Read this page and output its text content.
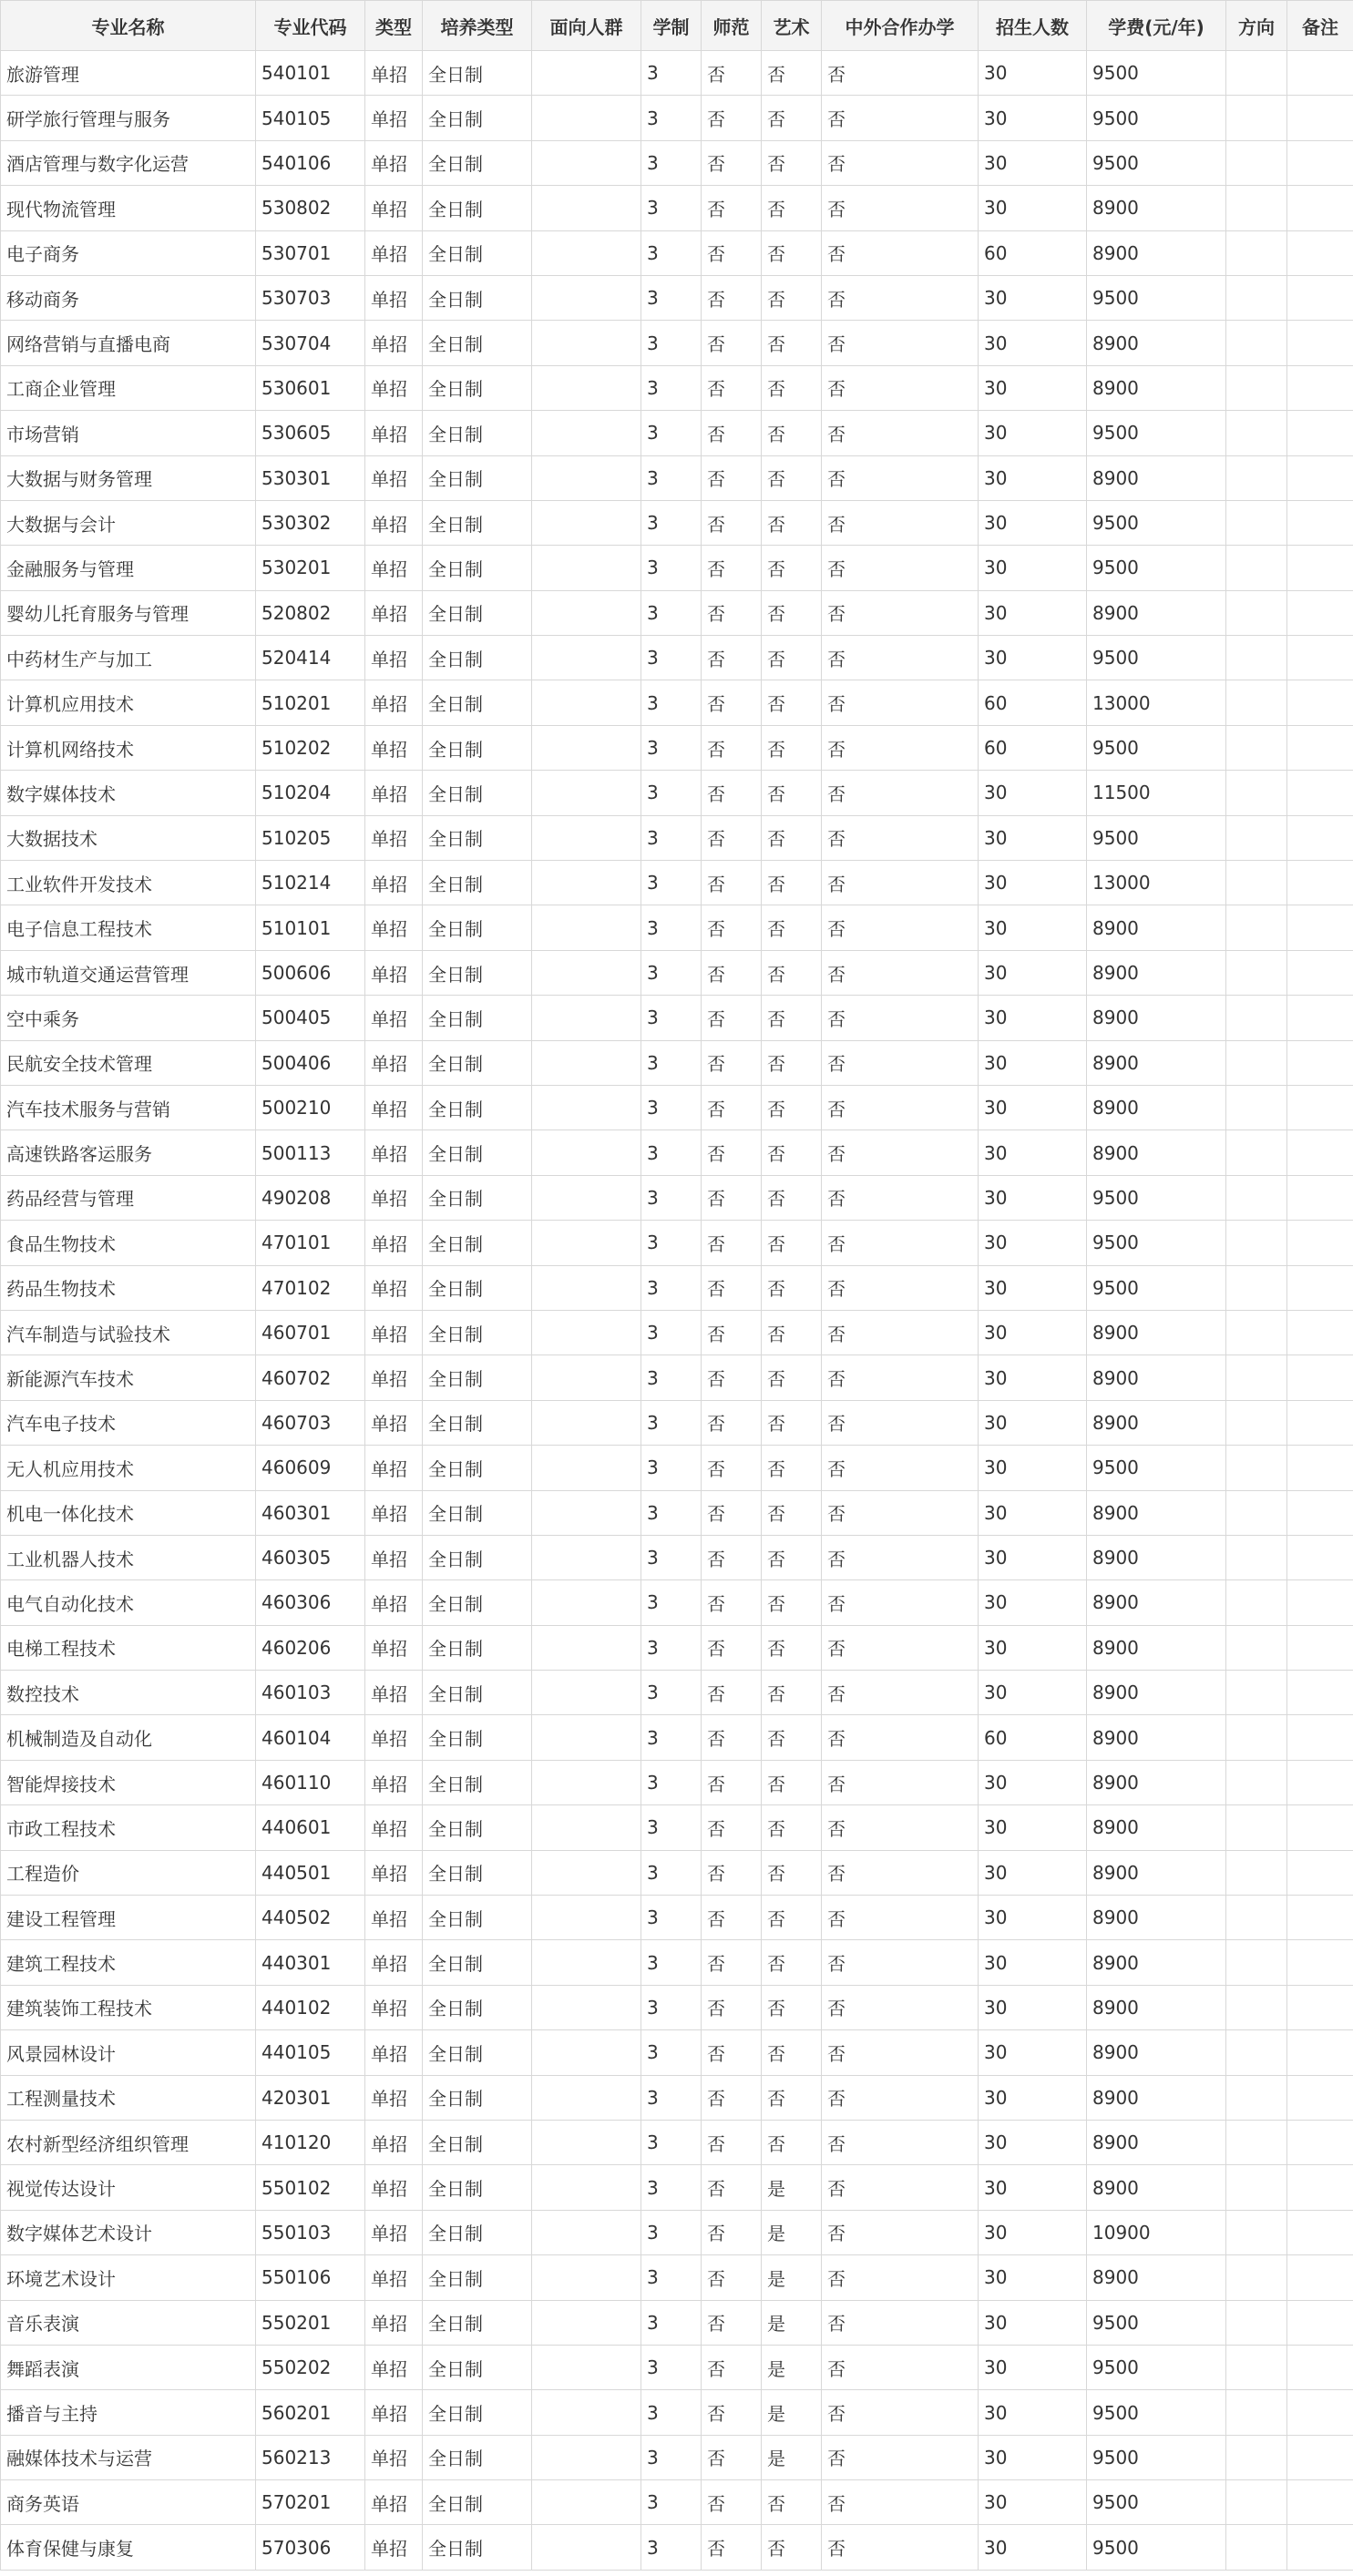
专业名称	专业代码	类型	培养类型	面向人群	学制	师范	艺术	中外合作办学	招生人数	学费(元/年)	方向	备注
旅游管理	540101	单招	全日制		3	否	否	否	30	9500		
研学旅行管理与服务	540105	单招	全日制		3	否	否	否	30	9500		
酒店管理与数字化运营	540106	单招	全日制		3	否	否	否	30	9500		
现代物流管理	530802	单招	全日制		3	否	否	否	30	8900		
电子商务	530701	单招	全日制		3	否	否	否	60	8900		
移动商务	530703	单招	全日制		3	否	否	否	30	9500		
网络营销与直播电商	530704	单招	全日制		3	否	否	否	30	8900		
工商企业管理	530601	单招	全日制		3	否	否	否	30	8900		
市场营销	530605	单招	全日制		3	否	否	否	30	9500		
大数据与财务管理	530301	单招	全日制		3	否	否	否	30	8900		
大数据与会计	530302	单招	全日制		3	否	否	否	30	9500		
金融服务与管理	530201	单招	全日制		3	否	否	否	30	9500		
婴幼儿托育服务与管理	520802	单招	全日制		3	否	否	否	30	8900		
中药材生产与加工	520414	单招	全日制		3	否	否	否	30	9500		
计算机应用技术	510201	单招	全日制		3	否	否	否	60	13000		
计算机网络技术	510202	单招	全日制		3	否	否	否	60	9500		
数字媒体技术	510204	单招	全日制		3	否	否	否	30	11500		
大数据技术	510205	单招	全日制		3	否	否	否	30	9500		
工业软件开发技术	510214	单招	全日制		3	否	否	否	30	13000		
电子信息工程技术	510101	单招	全日制		3	否	否	否	30	8900		
城市轨道交通运营管理	500606	单招	全日制		3	否	否	否	30	8900		
空中乘务	500405	单招	全日制		3	否	否	否	30	8900		
民航安全技术管理	500406	单招	全日制		3	否	否	否	30	8900		
汽车技术服务与营销	500210	单招	全日制		3	否	否	否	30	8900		
高速铁路客运服务	500113	单招	全日制		3	否	否	否	30	8900		
药品经营与管理	490208	单招	全日制		3	否	否	否	30	9500		
食品生物技术	470101	单招	全日制		3	否	否	否	30	9500		
药品生物技术	470102	单招	全日制		3	否	否	否	30	9500		
汽车制造与试验技术	460701	单招	全日制		3	否	否	否	30	8900		
新能源汽车技术	460702	单招	全日制		3	否	否	否	30	8900		
汽车电子技术	460703	单招	全日制		3	否	否	否	30	8900		
无人机应用技术	460609	单招	全日制		3	否	否	否	30	9500		
机电一体化技术	460301	单招	全日制		3	否	否	否	30	8900		
工业机器人技术	460305	单招	全日制		3	否	否	否	30	8900		
电气自动化技术	460306	单招	全日制		3	否	否	否	30	8900		
电梯工程技术	460206	单招	全日制		3	否	否	否	30	8900		
数控技术	460103	单招	全日制		3	否	否	否	30	8900		
机械制造及自动化	460104	单招	全日制		3	否	否	否	60	8900		
智能焊接技术	460110	单招	全日制		3	否	否	否	30	8900		
市政工程技术	440601	单招	全日制		3	否	否	否	30	8900		
工程造价	440501	单招	全日制		3	否	否	否	30	8900		
建设工程管理	440502	单招	全日制		3	否	否	否	30	8900		
建筑工程技术	440301	单招	全日制		3	否	否	否	30	8900		
建筑装饰工程技术	440102	单招	全日制		3	否	否	否	30	8900		
风景园林设计	440105	单招	全日制		3	否	否	否	30	8900		
工程测量技术	420301	单招	全日制		3	否	否	否	30	8900		
农村新型经济组织管理	410120	单招	全日制		3	否	否	否	30	8900		
视觉传达设计	550102	单招	全日制		3	否	是	否	30	8900		
数字媒体艺术设计	550103	单招	全日制		3	否	是	否	30	10900		
环境艺术设计	550106	单招	全日制		3	否	是	否	30	8900		
音乐表演	550201	单招	全日制		3	否	是	否	30	9500		
舞蹈表演	550202	单招	全日制		3	否	是	否	30	9500		
播音与主持	560201	单招	全日制		3	否	是	否	30	9500		
融媒体技术与运营	560213	单招	全日制		3	否	是	否	30	9500		
商务英语	570201	单招	全日制		3	否	否	否	30	9500		
体育保健与康复	570306	单招	全日制		3	否	否	否	30	9500		
